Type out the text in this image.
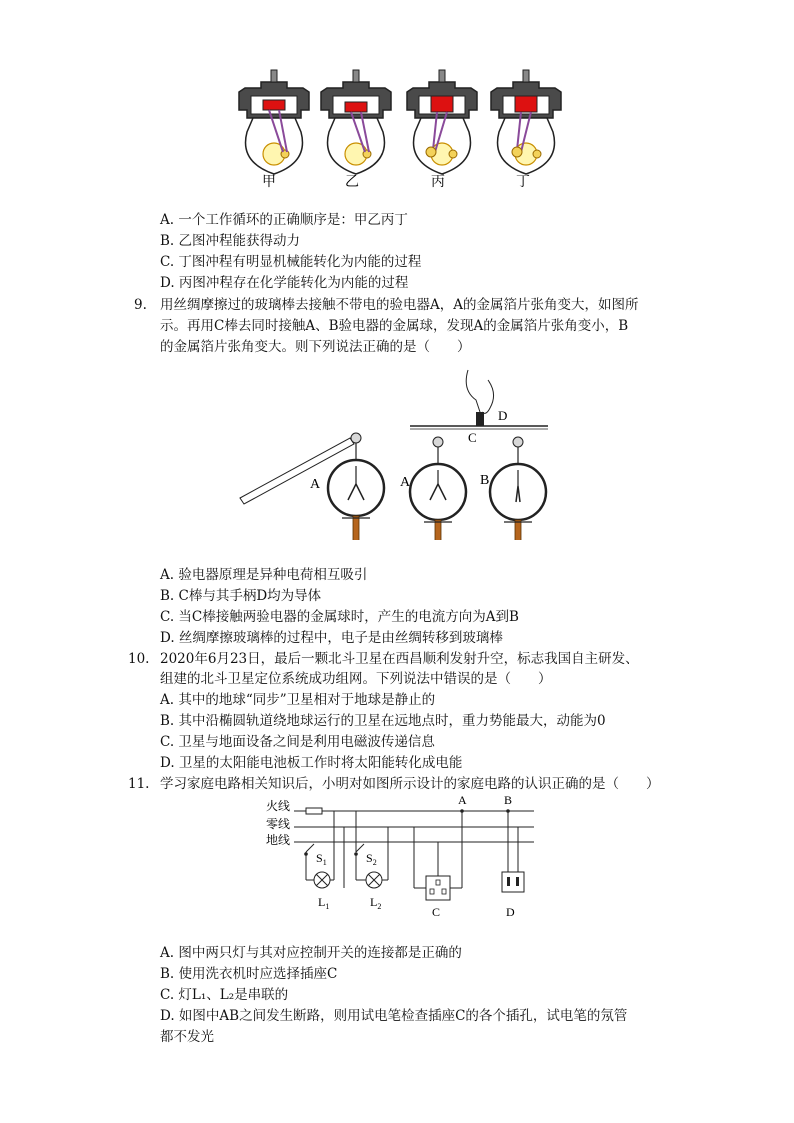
甲	乙	丙	丁
A. 一个工作循环的正确顺序是：甲乙丙丁
B. 乙图冲程能获得动力
C. 丁图冲程有明显机械能转化为内能的过程
D. 丙图冲程存在化学能转化为内能的过程
9. 用丝绸摩擦过的玻璃棒去接触不带电的验电器A，A的金属箔片张角变大，如图所
示。再用C棒去同时接触A、B验电器的金属球，发现A的金属箔片张角变小，B
的金属箔片张角变大。则下列说法正确的是（　　）
A
D
C
A	B
A. 验电器原理是异种电荷相互吸引
B. C棒与其手柄D均为导体
C. 当C棒接触两验电器的金属球时，产生的电流方向为A到B
D. 丝绸摩擦玻璃棒的过程中，电子是由丝绸转移到玻璃棒
10. 2020年6月23日，最后一颗北斗卫星在西昌顺利发射升空，标志我国自主研发、
组建的北斗卫星定位系统成功组网。下列说法中错误的是（　　）
A. 其中的地球“同步”卫星相对于地球是静止的
B. 其中沿椭圆轨道绕地球运行的卫星在远地点时，重力势能最大，动能为0
C. 卫星与地面设备之间是利用电磁波传递信息
D. 卫星的太阳能电池板工作时将太阳能转化成电能
11. 学习家庭电路相关知识后，小明对如图所示设计的家庭电路的认识正确的是（　　）
火线
零线
地线
$S_1$
$L_1$
$S_2$
$L_2$
A
C
B
D
A. 图中两只灯与其对应控制开关的连接都是正确的
B. 使用洗衣机时应选择插座C
C. 灯L₁、L₂是串联的
D. 如图中AB之间发生断路，则用试电笔检查插座C的各个插孔，试电笔的氖管
都不发光
